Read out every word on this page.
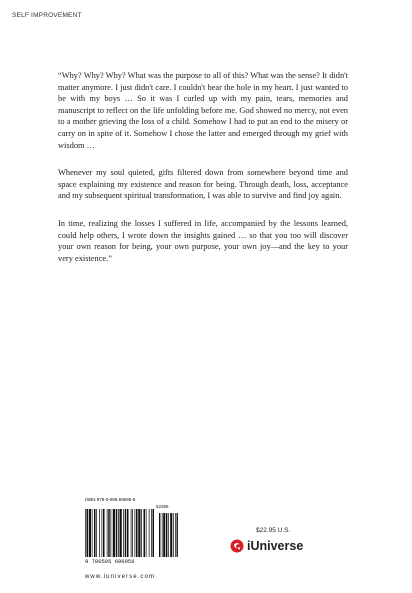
SELF IMPROVEMENT

“Why? Why? Why? What was the purpose to all of this? What was the sense? It didn't matter anymore. I just didn't care. I couldn't bear the hole in my heart. I just wanted to be with my boys … So it was I curled up with my pain, tears, memories and manuscript to reflect on the life unfolding before me. God showed no mercy, not even to a mother grieving the loss of a child. Somehow I had to put an end to the misery or carry on in spite of it. Somehow I chose the latter and emerged through my grief with wisdom …

Whenever my soul quieted, gifts filtered down from somewhere beyond time and space explaining my existence and reason for being. Through death, loss, acceptance and my subsequent spiritual transformation, I was able to survive and find joy again.

In time, realizing the losses I suffered in life, accompanied by the lessons learned, could help others, I wrote down the insights gained … so that you too will discover your own reason for being, your own purpose, your own joy—and the key to your very existence.”

ISBN 978-0-595-69695-6
52295
9 780595 696956
www.iuniverse.com
$22.95 U.S.
iUniverse
